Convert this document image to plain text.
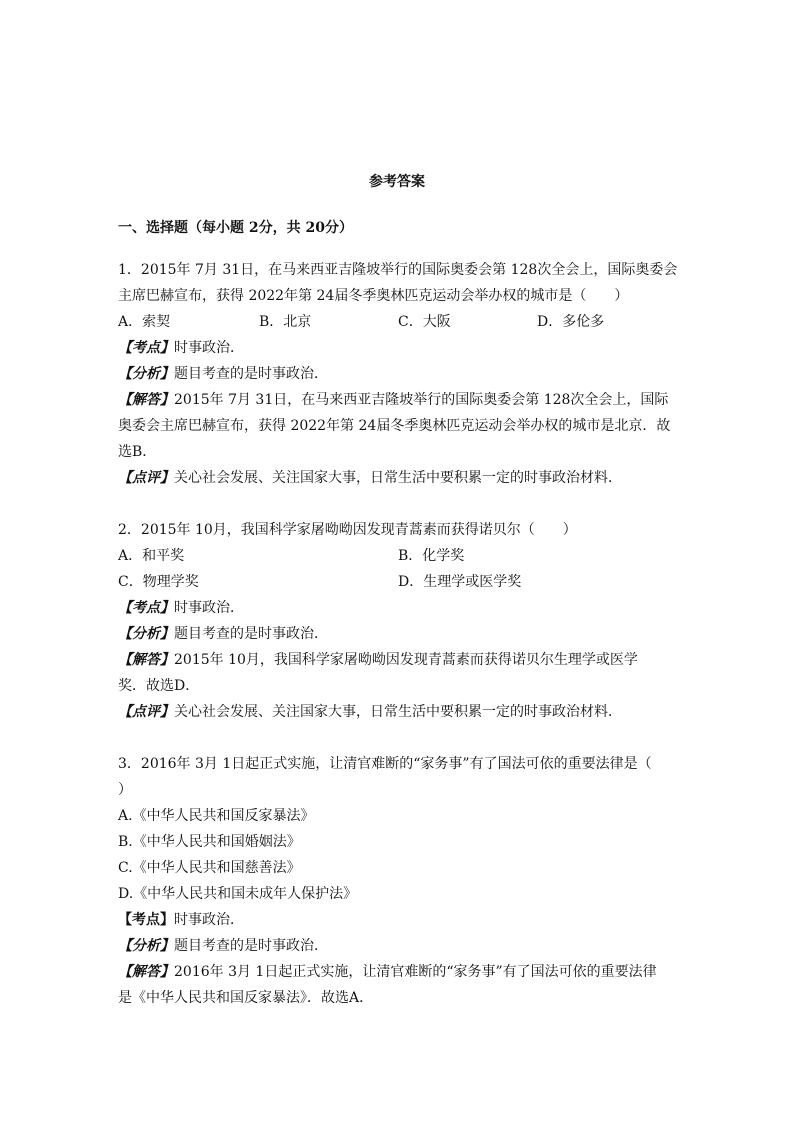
参考答案
一、选择题（每小题 2分，共 20分）
1．2015年 7月 31日，在马来西亚吉隆坡举行的国际奥委会第 128次全会上，国际奥委会
主席巴赫宣布，获得 2022年第 24届冬季奥林匹克运动会举办权的城市是（　　）
A．索契	B．北京	C．大阪	D．多伦多
【考点】时事政治．
【分析】题目考查的是时事政治．
【解答】2015年 7月 31日，在马来西亚吉隆坡举行的国际奥委会第 128次全会上，国际
奥委会主席巴赫宣布，获得 2022年第 24届冬季奥林匹克运动会举办权的城市是北京．故
选B．
【点评】关心社会发展、关注国家大事，日常生活中要积累一定的时事政治材料．
2．2015年 10月，我国科学家屠呦呦因发现青蒿素而获得诺贝尔（　　）
A．和平奖	B．化学奖
C．物理学奖	D．生理学或医学奖
【考点】时事政治．
【分析】题目考查的是时事政治．
【解答】2015年 10月，我国科学家屠呦呦因发现青蒿素而获得诺贝尔生理学或医学
奖．故选D．
【点评】关心社会发展、关注国家大事，日常生活中要积累一定的时事政治材料．
3．2016年 3月 1日起正式实施，让清官难断的“家务事”有了国法可依的重要法律是（
）
A.《中华人民共和国反家暴法》
B.《中华人民共和国婚姻法》
C.《中华人民共和国慈善法》
D.《中华人民共和国未成年人保护法》
【考点】时事政治．
【分析】题目考查的是时事政治．
【解答】2016年 3月 1日起正式实施，让清官难断的“家务事”有了国法可依的重要法律
是《中华人民共和国反家暴法》．故选A．
